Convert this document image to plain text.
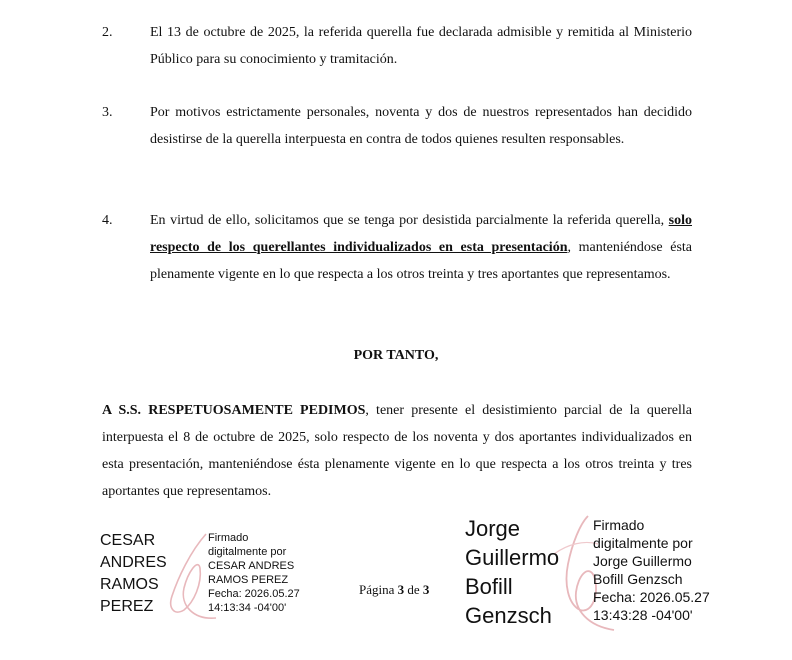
2.	El 13 de octubre de 2025, la referida querella fue declarada admisible y remitida al Ministerio Público para su conocimiento y tramitación.
3.	Por motivos estrictamente personales, noventa y dos de nuestros representados han decidido desistirse de la querella interpuesta en contra de todos quienes resulten responsables.
4.	En virtud de ello, solicitamos que se tenga por desistida parcialmente la referida querella, solo respecto de los querellantes individualizados en esta presentación, manteniéndose ésta plenamente vigente en lo que respecta a los otros treinta y tres aportantes que representamos.
POR TANTO,
A S.S. RESPETUOSAMENTE PEDIMOS, tener presente el desistimiento parcial de la querella interpuesta el 8 de octubre de 2025, solo respecto de los noventa y dos aportantes individualizados en esta presentación, manteniéndose ésta plenamente vigente en lo que respecta a los otros treinta y tres aportantes que representamos.
CESAR
ANDRES
RAMOS
PEREZ
Firmado
digitalmente por
CESAR ANDRES
RAMOS PEREZ
Fecha: 2026.05.27
14:13:34 -04'00'
Página 3 de 3
Jorge
Guillermo
Bofill
Genzsch
Firmado
digitalmente por
Jorge Guillermo
Bofill Genzsch
Fecha: 2026.05.27
13:43:28 -04'00'
